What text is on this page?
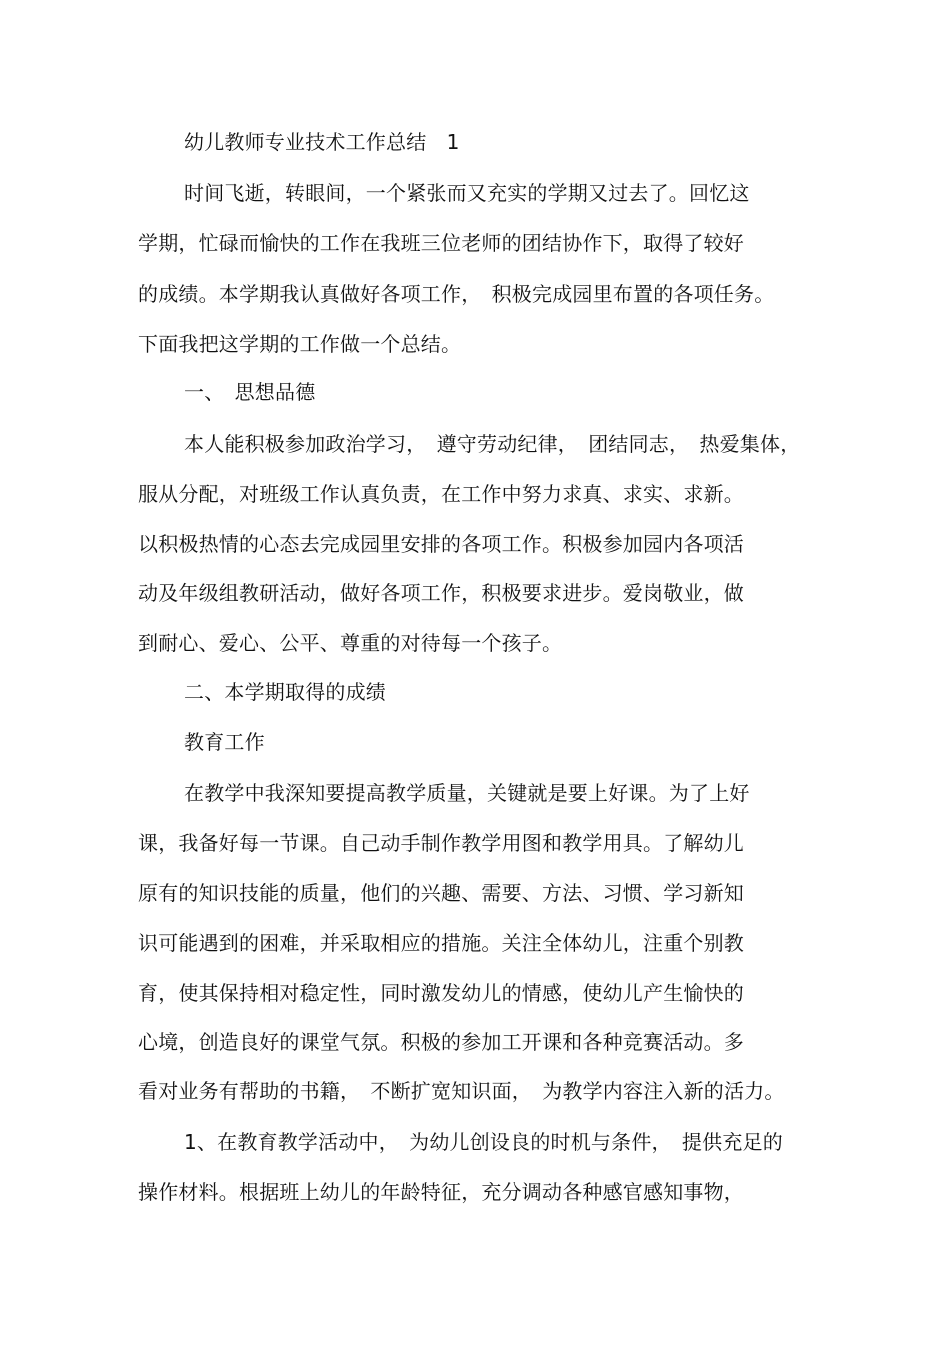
幼儿教师专业技术工作总结　1
时间飞逝，转眼间，一个紧张而又充实的学期又过去了。回忆这
学期，忙碌而愉快的工作在我班三位老师的团结协作下，取得了较好
的成绩。本学期我认真做好各项工作，　积极完成园里布置的各项任务。
下面我把这学期的工作做一个总结。
一、　思想品德
本人能积极参加政治学习，　遵守劳动纪律，　团结同志，　热爱集体，
服从分配，对班级工作认真负责，在工作中努力求真、求实、求新。
以积极热情的心态去完成园里安排的各项工作。积极参加园内各项活
动及年级组教研活动，做好各项工作，积极要求进步。爱岗敬业，做
到耐心、爱心、公平、尊重的对待每一个孩子。
二、本学期取得的成绩
教育工作
在教学中我深知要提高教学质量，关键就是要上好课。为了上好
课，我备好每一节课。自己动手制作教学用图和教学用具。了解幼儿
原有的知识技能的质量，他们的兴趣、需要、方法、习惯、学习新知
识可能遇到的困难，并采取相应的措施。关注全体幼儿，注重个别教
育，使其保持相对稳定性，同时激发幼儿的情感，使幼儿产生愉快的
心境，创造良好的课堂气氛。积极的参加工开课和各种竞赛活动。多
看对业务有帮助的书籍，　不断扩宽知识面，　为教学内容注入新的活力。
1、在教育教学活动中，　为幼儿创设良的时机与条件，　提供充足的
操作材料。根据班上幼儿的年龄特征，充分调动各种感官感知事物，
